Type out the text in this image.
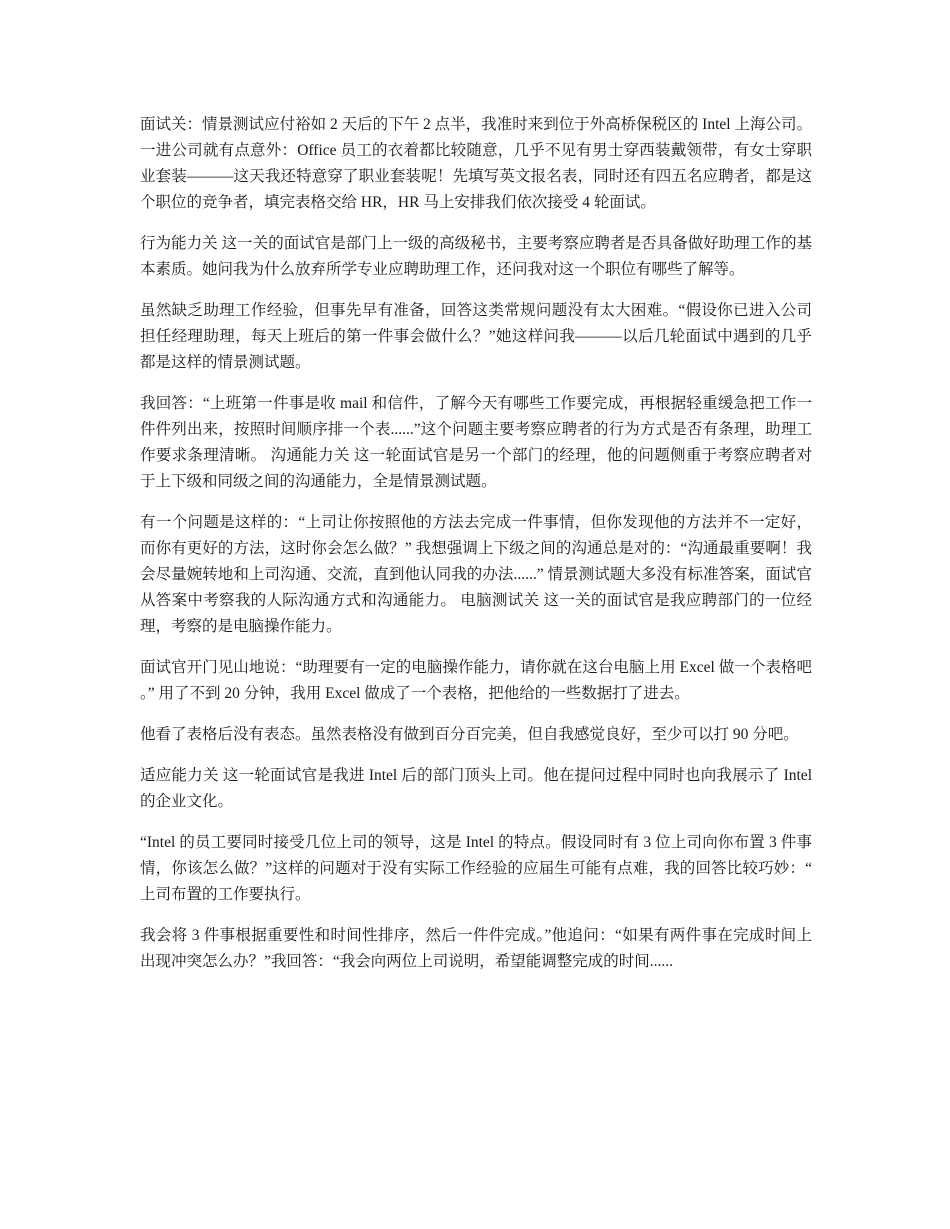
面试关：情景测试应付裕如 2 天后的下午 2 点半，我准时来到位于外高桥保税区的 Intel 上海公司。一进公司就有点意外：Office 员工的衣着都比较随意，几乎不见有男士穿西装戴领带，有女士穿职业套装———这天我还特意穿了职业套装呢！先填写英文报名表，同时还有四五名应聘者，都是这个职位的竞争者，填完表格交给 HR，HR 马上安排我们依次接受 4 轮面试。

行为能力关 这一关的面试官是部门上一级的高级秘书，主要考察应聘者是否具备做好助理工作的基本素质。她问我为什么放弃所学专业应聘助理工作，还问我对这一个职位有哪些了解等。

虽然缺乏助理工作经验，但事先早有准备，回答这类常规问题没有太大困难。“假设你已进入公司担任经理助理，每天上班后的第一件事会做什么？”她这样问我———以后几轮面试中遇到的几乎都是这样的情景测试题。

我回答：“上班第一件事是收 mail 和信件，了解今天有哪些工作要完成，再根据轻重缓急把工作一件件列出来，按照时间顺序排一个表......”这个问题主要考察应聘者的行为方式是否有条理，助理工作要求条理清晰。 沟通能力关 这一轮面试官是另一个部门的经理，他的问题侧重于考察应聘者对于上下级和同级之间的沟通能力，全是情景测试题。

有一个问题是这样的：“上司让你按照他的方法去完成一件事情，但你发现他的方法并不一定好，而你有更好的方法，这时你会怎么做？” 我想强调上下级之间的沟通总是对的：“沟通最重要啊！我会尽量婉转地和上司沟通、交流，直到他认同我的办法......” 情景测试题大多没有标准答案，面试官从答案中考察我的人际沟通方式和沟通能力。 电脑测试关 这一关的面试官是我应聘部门的一位经理，考察的是电脑操作能力。

面试官开门见山地说：“助理要有一定的电脑操作能力，请你就在这台电脑上用 Excel 做一个表格吧。” 用了不到 20 分钟，我用 Excel 做成了一个表格，把他给的一些数据打了进去。

他看了表格后没有表态。虽然表格没有做到百分百完美，但自我感觉良好，至少可以打 90 分吧。

适应能力关 这一轮面试官是我进 Intel 后的部门顶头上司。他在提问过程中同时也向我展示了 Intel 的企业文化。

“Intel 的员工要同时接受几位上司的领导，这是 Intel 的特点。假设同时有 3 位上司向你布置 3 件事情，你该怎么做？”这样的问题对于没有实际工作经验的应届生可能有点难，我的回答比较巧妙：“上司布置的工作要执行。

我会将 3 件事根据重要性和时间性排序，然后一件件完成。”他追问：“如果有两件事在完成时间上出现冲突怎么办？”我回答：“我会向两位上司说明，希望能调整完成的时间......
